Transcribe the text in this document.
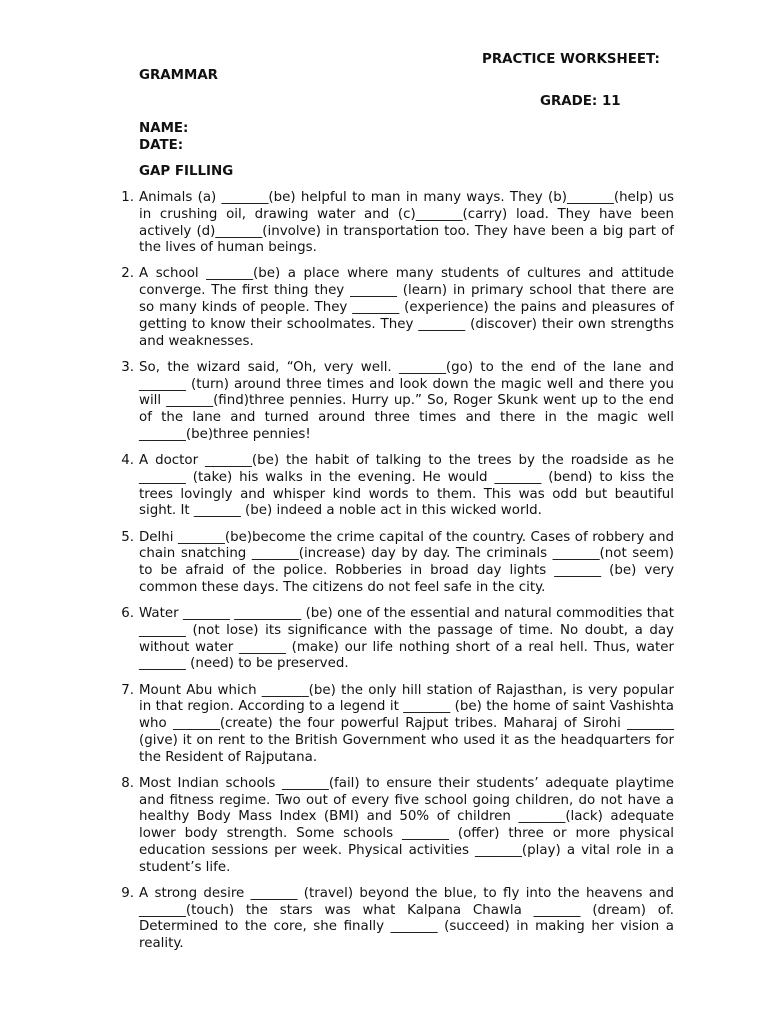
PRACTICE WORKSHEET:

GRAMMAR

GRADE: 11

NAME:

DATE:

GAP FILLING

1. Animals (a) _______(be) helpful to man in many ways. They (b)_______(help) us in crushing oil, drawing water and (c)_______(carry) load. They have been actively (d)_______(involve) in transportation too. They have been a big part of the lives of human beings.
2. A school _______(be) a place where many students of cultures and attitude converge. The first thing they _______ (learn) in primary school that there are so many kinds of people. They _______ (experience) the pains and pleasures of getting to know their schoolmates. They _______ (discover) their own strengths and weaknesses.
3. So, the wizard said, “Oh, very well. _______(go) to the end of the lane and _______ (turn) around three times and look down the magic well and there you will _______(find)three pennies. Hurry up.” So, Roger Skunk went up to the end of the lane and turned around three times and there in the magic well _______(be)three pennies!
4. A doctor _______(be) the habit of talking to the trees by the roadside as he _______ (take) his walks in the evening. He would _______ (bend) to kiss the trees lovingly and whisper kind words to them. This was odd but beautiful sight. It _______ (be) indeed a noble act in this wicked world.
5. Delhi _______(be)become the crime capital of the country. Cases of robbery and chain snatching _______(increase) day by day. The criminals _______(not seem) to be afraid of the police. Robberies in broad day lights _______ (be) very common these days. The citizens do not feel safe in the city.
6. Water _______ __________ (be) one of the essential and natural commodities that _______ (not lose) its significance with the passage of time. No doubt, a day without water _______ (make) our life nothing short of a real hell. Thus, water _______ (need) to be preserved.
7. Mount Abu which _______(be) the only hill station of Rajasthan, is very popular in that region. According to a legend it _______ (be) the home of saint Vashishta who _______(create) the four powerful Rajput tribes. Maharaj of Sirohi _______ (give) it on rent to the British Government who used it as the headquarters for the Resident of Rajputana.
8. Most Indian schools _______(fail) to ensure their students’ adequate playtime and fitness regime. Two out of every five school going children, do not have a healthy Body Mass Index (BMI) and 50% of children _______(lack) adequate lower body strength. Some schools _______ (offer) three or more physical education sessions per week. Physical activities _______(play) a vital role in a student’s life.
9. A strong desire _______ (travel) beyond the blue, to fly into the heavens and _______(touch) the stars was what Kalpana Chawla _______ (dream) of. Determined to the core, she finally _______ (succeed) in making her vision a reality.
